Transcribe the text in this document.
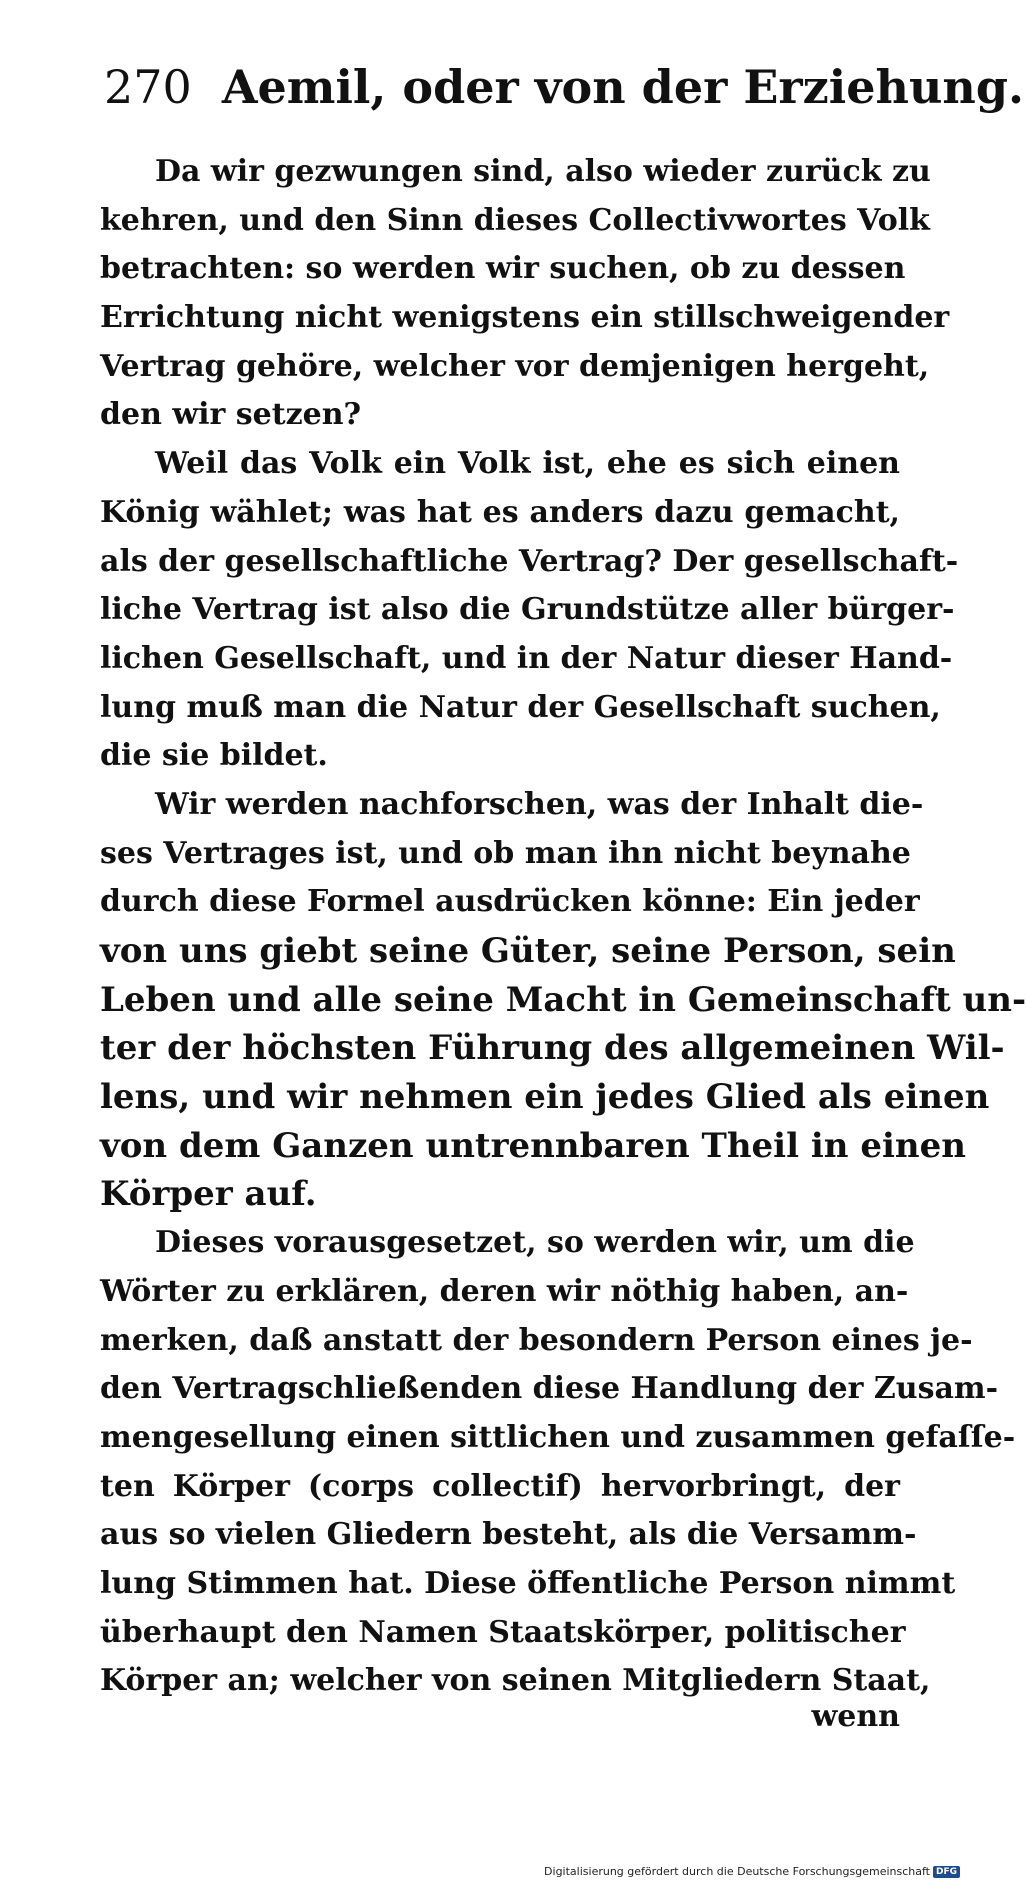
270 Aemil, oder von der Erziehung.
Da wir gezwungen sind, also wieder zurück zu
kehren, und den Sinn dieses Collectivwortes Volk
betrachten: so werden wir suchen, ob zu dessen
Errichtung nicht wenigstens ein stillschweigender
Vertrag gehöre, welcher vor demjenigen hergeht,
den wir setzen?
Weil das Volk ein Volk ist, ehe es sich einen
König wählet; was hat es anders dazu gemacht,
als der gesellschaftliche Vertrag? Der gesellschaft-
liche Vertrag ist also die Grundstütze aller bürger-
lichen Gesellschaft, und in der Natur dieser Hand-
lung muß man die Natur der Gesellschaft suchen,
die sie bildet.
Wir werden nachforschen, was der Inhalt die-
ses Vertrages ist, und ob man ihn nicht beynahe
durch diese Formel ausdrücken könne: Ein jeder
von uns giebt seine Güter, seine Person, sein
Leben und alle seine Macht in Gemeinschaft un-
ter der höchsten Führung des allgemeinen Wil-
lens, und wir nehmen ein jedes Glied als einen
von dem Ganzen untrennbaren Theil in einen
Körper auf.
Dieses vorausgesetzet, so werden wir, um die
Wörter zu erklären, deren wir nöthig haben, an-
merken, daß anstatt der besondern Person eines je-
den Vertragschließenden diese Handlung der Zusam-
mengesellung einen sittlichen und zusammen gefaſſe-
ten Körper (corps collectif) hervorbringt, der
aus so vielen Gliedern besteht, als die Versamm-
lung Stimmen hat. Diese öffentliche Person nimmt
überhaupt den Namen Staatskörper, politischer
Körper an; welcher von seinen Mitgliedern Staat,
wenn
Digitalisierung gefördert durch die Deutsche Forschungsgemeinschaft DFG
